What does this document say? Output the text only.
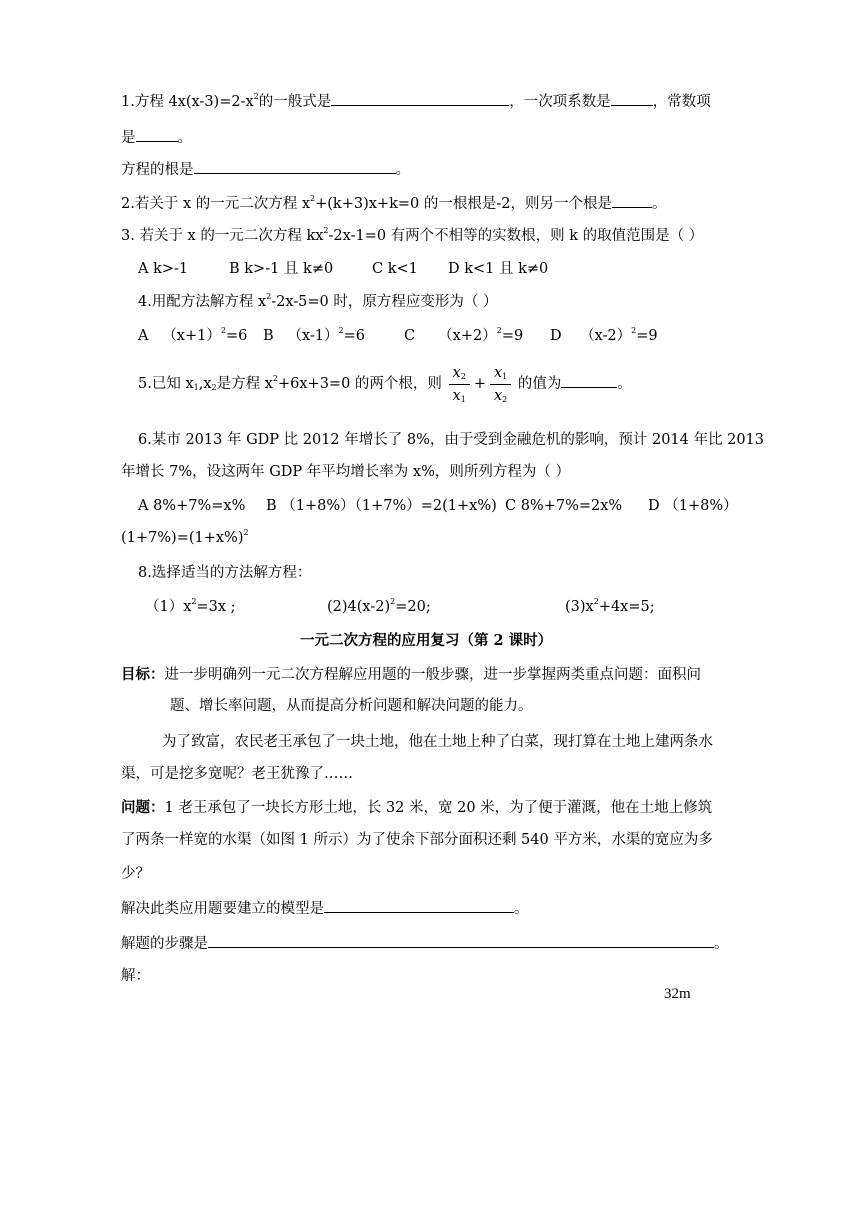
1.方程 $4x(x-3)=2-x^2$的一般式是	，一次项系数是	，常数项
是	。
方程的根是	。
2.若关于 x 的一元二次方程 $x^2+(k+3)x+k=0$ 的一根根是-2，则另一个根是	。
3. 若关于 x 的一元二次方程 $kx^2-2x-1=0$ 有两个不相等的实数根，则 k 的取值范围是（ ）
A k>-1	B k>-1 且 k≠0	C k<1 D k<1 且 k≠0
4.用配方法解方程 $x^2-2x-5=0$ 时，原方程应变形为（ ）
A $(x+1)^2=6$ B $(x-1)^2=6$	C $(x+2)^2=9$ D $(x-2)^2=9$
5.已知 $x_1,x_2$是方程 $x^2+6x+3=0$ 的两个根，则 $\frac{x_2}{x_1} + \frac{x_1}{x_2}$ 的值为	。
6.某市 2013 年 GDP 比 2012 年增长了 8%，由于受到金融危机的影响，预计 2014 年比 2013
年增长 7%，设这两年 GDP 年平均增长率为 x%，则所列方程为（ ）
A 8%+7%=x% B （1+8%）（1+7%）=2(1+x%) C 8%+7%=2x% D （1+8%）
$(1+7\%)=(1+x\%)^2$
8.选择适当的方法解方程：
$(1)x^2=3x$ ;	$(2)4(x-2)^2=20$;	$(3)x^2+4x=5$;
一元二次方程的应用复习（第 2 课时）
目标：进一步明确列一元二次方程解应用题的一般步骤，进一步掌握两类重点问题：面积问
题、增长率问题，从而提高分析问题和解决问题的能力。
为了致富，农民老王承包了一块土地，他在土地上种了白菜，现打算在土地上建两条水
渠，可是挖多宽呢？老王犹豫了……
问题：1 老王承包了一块长方形土地，长 32 米，宽 20 米，为了便于灌溉，他在土地上修筑
了两条一样宽的水渠（如图 1 所示）为了使余下部分面积还剩 540 平方米，水渠的宽应为多
少？
解决此类应用题要建立的模型是	。
解题的步骤是	。
解：
32m
